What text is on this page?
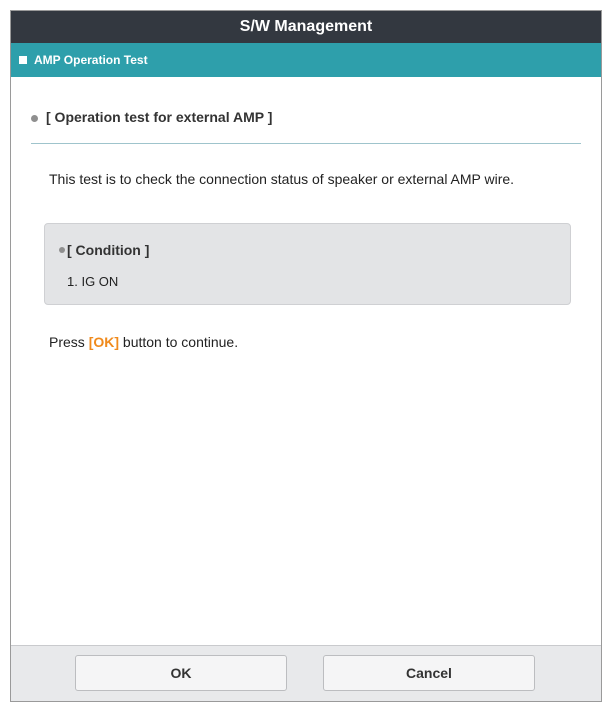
S/W Management
AMP Operation Test
[ Operation test for external AMP ]
This test is to check the connection status of speaker or external AMP wire.
[ Condition ]
1. IG ON
Press [OK] button to continue.
OK	Cancel
